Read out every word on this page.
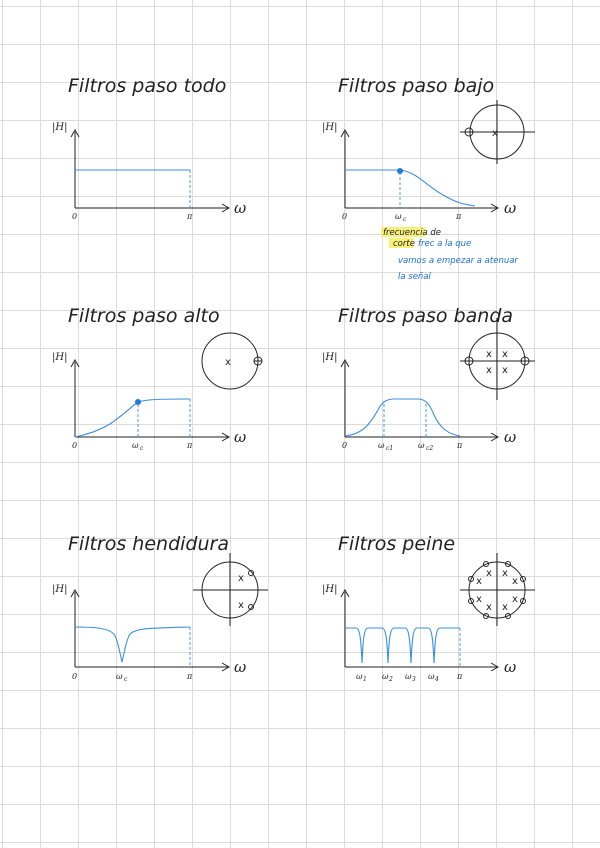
Filtros paso todo
|H|
ω
0	π
Filtros paso bajo
|H|
ω
0	ω c	π
x
frecuencia de
corte frec a la que
vamos a empezar a atenuar
la señal
Filtros paso alto
|H|
ω
0	ω c	π
x
Filtros paso banda
|H|
ω
0	ω c1	ω c2	π
x x
x x
Filtros hendidura
|H|
ω
0	ω c	π
x
x
Filtros peine
|H|
ω
ω 1 ω 2 ω 3 ω 4 π
x
x
x
x
x
x
x
x
